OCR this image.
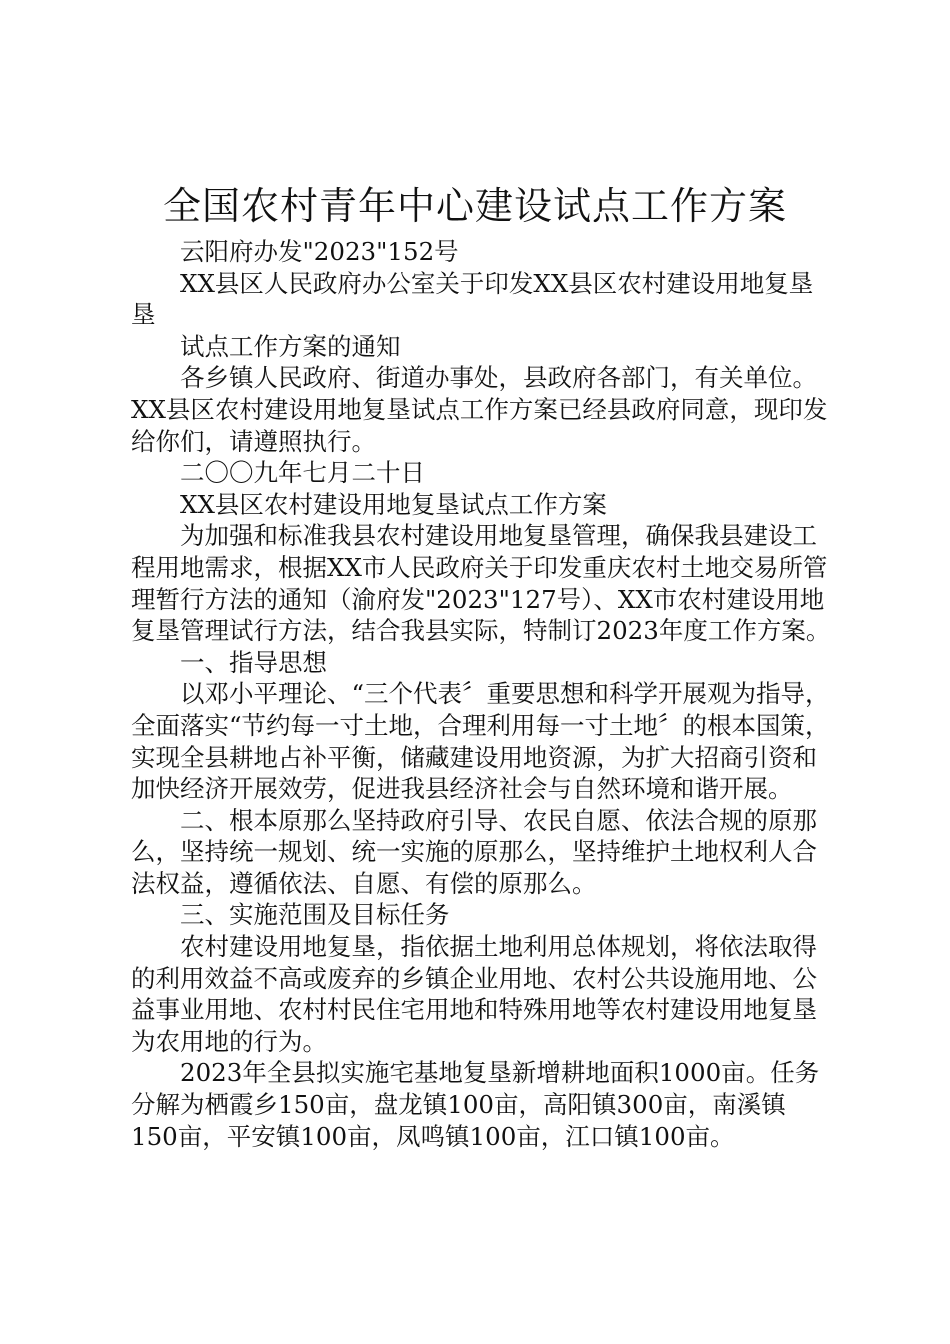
全国农村青年中心建设试点工作方案

云阳府办发"2023"152号

XX县区人民政府办公室关于印发XX县区农村建设用地复垦

垦

试点工作方案的通知

各乡镇人民政府、街道办事处，县政府各部门，有关单位。XX县区农村建设用地复垦试点工作方案已经县政府同意，现印发给你们，请遵照执行。

二〇〇九年七月二十日

XX县区农村建设用地复垦试点工作方案

为加强和标准我县农村建设用地复垦管理，确保我县建设工程用地需求，根据XX市人民政府关于印发重庆农村土地交易所管理暂行方法的通知（渝府发"2023"127号）、XX市农村建设用地复垦管理试行方法，结合我县实际，特制订2023年度工作方案。

一、指导思想

以邓小平理论、“三个代表〞重要思想和科学开展观为指导，全面落实“节约每一寸土地，合理利用每一寸土地〞的根本国策，实现全县耕地占补平衡，储藏建设用地资源，为扩大招商引资和加快经济开展效劳，促进我县经济社会与自然环境和谐开展。

二、根本原那么坚持政府引导、农民自愿、依法合规的原那么，坚持统一规划、统一实施的原那么，坚持维护土地权利人合法权益，遵循依法、自愿、有偿的原那么。

三、实施范围及目标任务

农村建设用地复垦，指依据土地利用总体规划，将依法取得的利用效益不高或废弃的乡镇企业用地、农村公共设施用地、公益事业用地、农村村民住宅用地和特殊用地等农村建设用地复垦为农用地的行为。

2023年全县拟实施宅基地复垦新增耕地面积1000亩。任务分解为栖霞乡150亩，盘龙镇100亩，高阳镇300亩，南溪镇150亩，平安镇100亩，凤鸣镇100亩，江口镇100亩。
